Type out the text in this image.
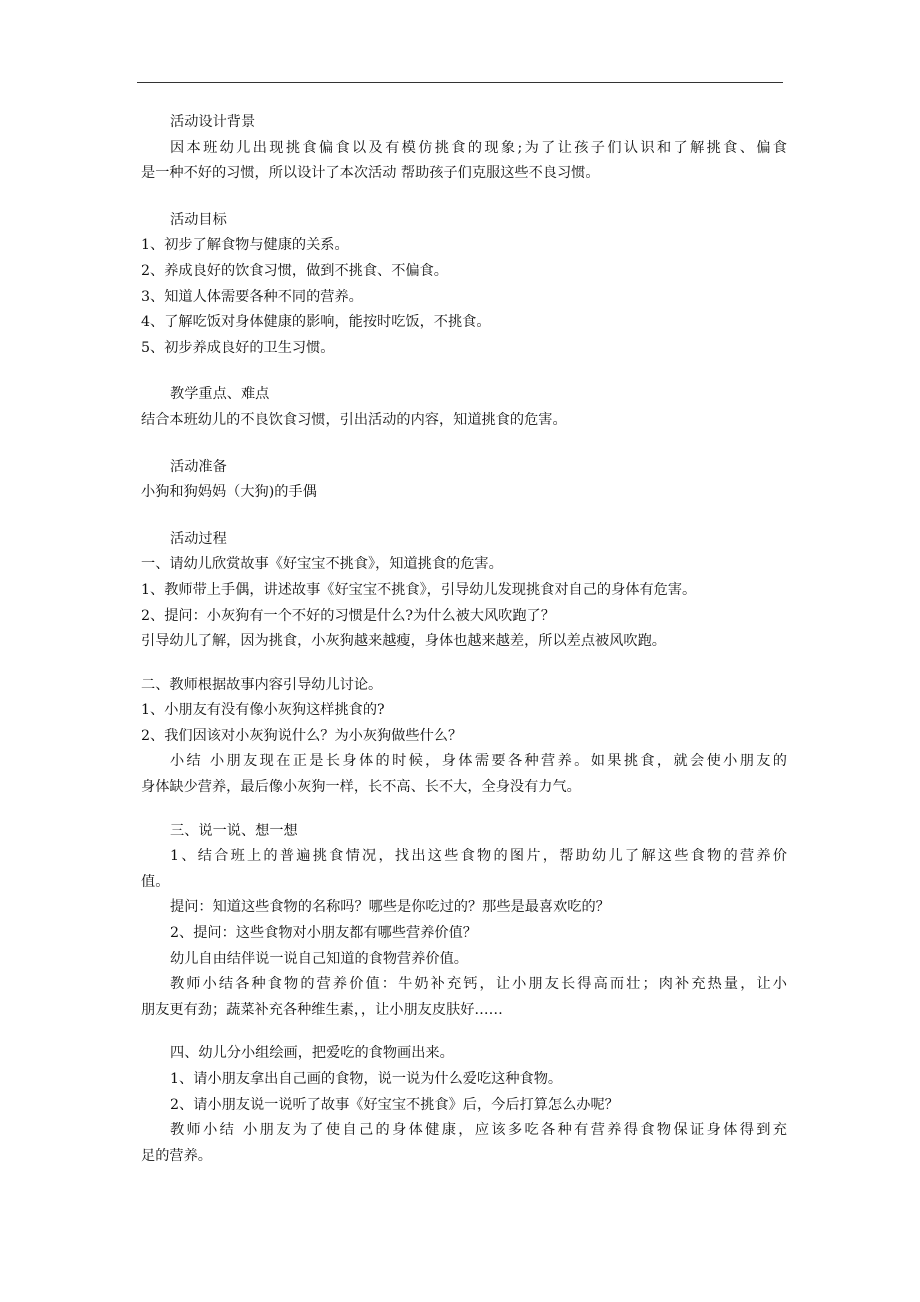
活动设计背景
因本班幼儿出现挑食偏食以及有模仿挑食的现象;为了让孩子们认识和了解挑食、偏食
是一种不好的习惯，所以设计了本次活动 帮助孩子们克服这些不良习惯。
活动目标
1、初步了解食物与健康的关系。
2、养成良好的饮食习惯，做到不挑食、不偏食。
3、知道人体需要各种不同的营养。
4、了解吃饭对身体健康的影响，能按时吃饭，不挑食。
5、初步养成良好的卫生习惯。
教学重点、难点
结合本班幼儿的不良饮食习惯，引出活动的内容，知道挑食的危害。
活动准备
小狗和狗妈妈（大狗)的手偶
活动过程
一、请幼儿欣赏故事《好宝宝不挑食》，知道挑食的危害。
1、教师带上手偶，讲述故事《好宝宝不挑食》，引导幼儿发现挑食对自己的身体有危害。
2、提问：小灰狗有一个不好的习惯是什么?为什么被大风吹跑了？
引导幼儿了解，因为挑食，小灰狗越来越瘦，身体也越来越差，所以差点被风吹跑。
二、教师根据故事内容引导幼儿讨论。
1、小朋友有没有像小灰狗这样挑食的?
2、我们因该对小灰狗说什么？为小灰狗做些什么？
小结 小朋友现在正是长身体的时候，身体需要各种营养。如果挑食，就会使小朋友的
身体缺少营养，最后像小灰狗一样，长不高、长不大，全身没有力气。
三、说一说、想一想
1、结合班上的普遍挑食情况，找出这些食物的图片，帮助幼儿了解这些食物的营养价
值。
提问：知道这些食物的名称吗？哪些是你吃过的？那些是最喜欢吃的？
2、提问：这些食物对小朋友都有哪些营养价值？
幼儿自由结伴说一说自己知道的食物营养价值。
教师小结各种食物的营养价值：牛奶补充钙，让小朋友长得高而壮；肉补充热量，让小
朋友更有劲；蔬菜补充各种维生素，，让小朋友皮肤好……
四、幼儿分小组绘画，把爱吃的食物画出来。
1、请小朋友拿出自己画的食物，说一说为什么爱吃这种食物。
2、请小朋友说一说听了故事《好宝宝不挑食》后，今后打算怎么办呢？
教师小结 小朋友为了使自己的身体健康，应该多吃各种有营养得食物保证身体得到充
足的营养。
